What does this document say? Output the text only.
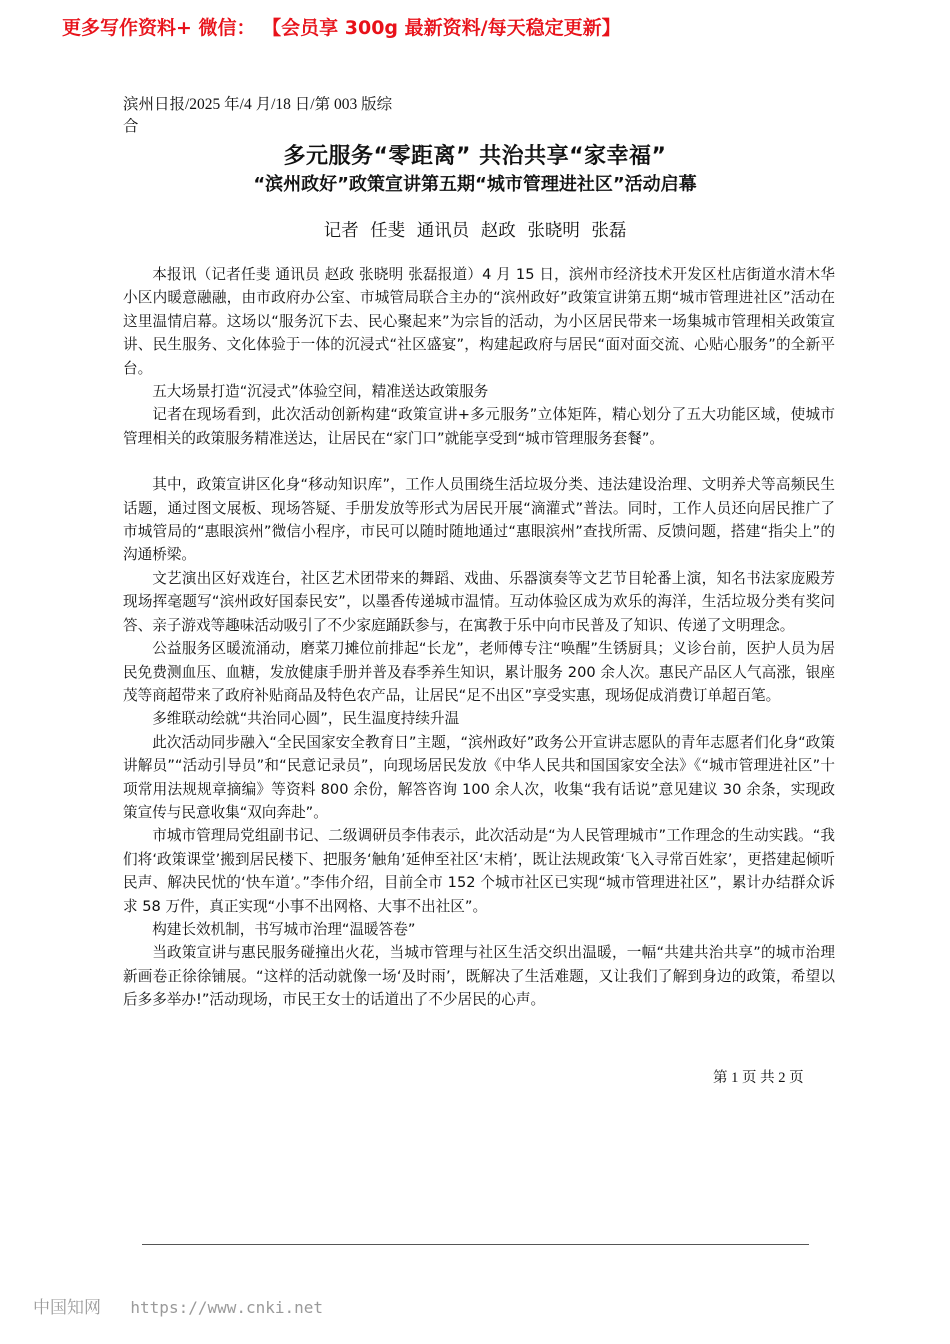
更多写作资料+ 微信： 【会员享 300g 最新资料/每天稳定更新】
滨州日报/2025 年/4 月/18 日/第 003 版综合
多元服务“零距离” 共治共享“家幸福”
“滨州政好”政策宣讲第五期“城市管理进社区”活动启幕
记者 任斐 通讯员 赵政 张晓明 张磊

本报讯（记者任斐 通讯员 赵政 张晓明 张磊报道）4 月 15 日，滨州市经济技术开发区杜店街道水清木华小区内暖意融融，由市政府办公室、市城管局联合主办的“滨州政好”政策宣讲第五期“城市管理进社区”活动在这里温情启幕。这场以“服务沉下去、民心聚起来”为宗旨的活动，为小区居民带来一场集城市管理相关政策宣讲、民生服务、文化体验于一体的沉浸式“社区盛宴”，构建起政府与居民“面对面交流、心贴心服务”的全新平台。

五大场景打造“沉浸式”体验空间，精准送达政策服务

记者在现场看到，此次活动创新构建“政策宣讲+多元服务”立体矩阵，精心划分了五大功能区域，使城市管理相关的政策服务精准送达，让居民在“家门口”就能享受到“城市管理服务套餐”。

其中，政策宣讲区化身“移动知识库”，工作人员围绕生活垃圾分类、违法建设治理、文明养犬等高频民生话题，通过图文展板、现场答疑、手册发放等形式为居民开展“滴灌式”普法。同时，工作人员还向居民推广了市城管局的“惠眼滨州”微信小程序，市民可以随时随地通过“惠眼滨州”查找所需、反馈问题，搭建“指尖上”的沟通桥梁。

文艺演出区好戏连台，社区艺术团带来的舞蹈、戏曲、乐器演奏等文艺节目轮番上演，知名书法家庞殿芳现场挥毫题写“滨州政好国泰民安”，以墨香传递城市温情。互动体验区成为欢乐的海洋，生活垃圾分类有奖问答、亲子游戏等趣味活动吸引了不少家庭踊跃参与，在寓教于乐中向市民普及了知识、传递了文明理念。

公益服务区暖流涌动，磨菜刀摊位前排起“长龙”，老师傅专注“唤醒”生锈厨具；义诊台前，医护人员为居民免费测血压、血糖，发放健康手册并普及春季养生知识，累计服务 200 余人次。惠民产品区人气高涨，银座茂等商超带来了政府补贴商品及特色农产品，让居民“足不出区”享受实惠，现场促成消费订单超百笔。

多维联动绘就“共治同心圆”，民生温度持续升温

此次活动同步融入“全民国家安全教育日”主题，“滨州政好”政务公开宣讲志愿队的青年志愿者们化身“政策讲解员”“活动引导员”和“民意记录员”，向现场居民发放《中华人民共和国国家安全法》《“城市管理进社区”十项常用法规规章摘编》等资料 800 余份，解答咨询 100 余人次，收集“我有话说”意见建议 30 余条，实现政策宣传与民意收集“双向奔赴”。

市城市管理局党组副书记、二级调研员李伟表示，此次活动是“为人民管理城市”工作理念的生动实践。“我们将‘政策课堂’搬到居民楼下、把服务‘触角’延伸至社区‘末梢’，既让法规政策‘飞入寻常百姓家’，更搭建起倾听民声、解决民忧的‘快车道’。”李伟介绍，目前全市 152 个城市社区已实现“城市管理进社区”，累计办结群众诉求 58 万件，真正实现“小事不出网格、大事不出社区”。

构建长效机制，书写城市治理“温暖答卷”

当政策宣讲与惠民服务碰撞出火花，当城市管理与社区生活交织出温暖，一幅“共建共治共享”的城市治理新画卷正徐徐铺展。“这样的活动就像一场‘及时雨’，既解决了生活难题，又让我们了解到身边的政策，希望以后多多举办!”活动现场，市民王女士的话道出了不少居民的心声。

第 1 页 共 2 页
中国知网 https://www.cnki.net
